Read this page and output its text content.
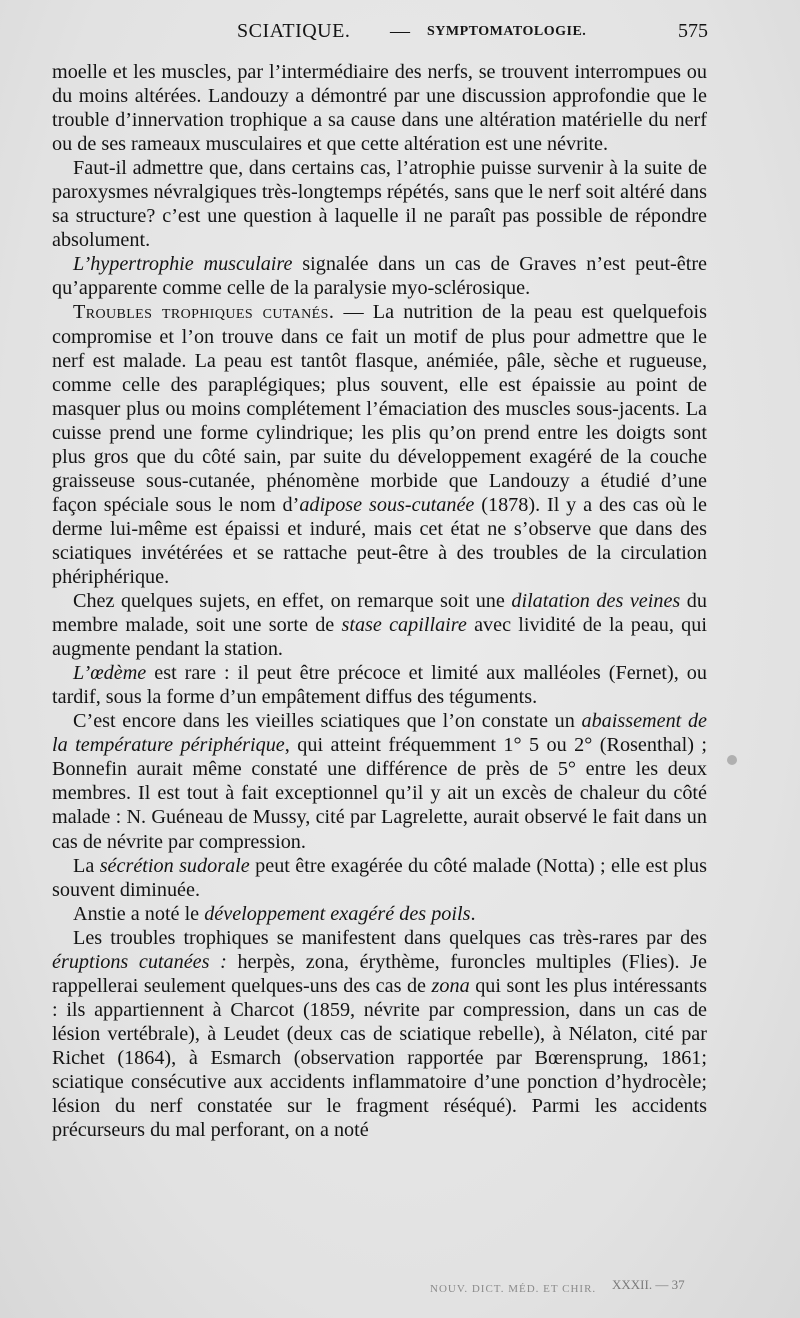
SCIATIQUE. — SYMPTOMATOLOGIE.	575

moelle et les muscles, par l’intermédiaire des nerfs, se trouvent interrompues ou du moins altérées. Landouzy a démontré par une discussion approfondie que le trouble d’innervation trophique a sa cause dans une altération matérielle du nerf ou de ses rameaux musculaires et que cette altération est une névrite.

Faut-il admettre que, dans certains cas, l’atrophie puisse survenir à la suite de paroxysmes névralgiques très-longtemps répétés, sans que le nerf soit altéré dans sa structure? c’est une question à laquelle il ne paraît pas possible de répondre absolument.

L’hypertrophie musculaire signalée dans un cas de Graves n’est peut-être qu’apparente comme celle de la paralysie myo-sclérosique.

Troubles trophiques cutanés. — La nutrition de la peau est quelquefois compromise et l’on trouve dans ce fait un motif de plus pour admettre que le nerf est malade. La peau est tantôt flasque, anémiée, pâle, sèche et rugueuse, comme celle des paraplégiques; plus souvent, elle est épaissie au point de masquer plus ou moins complétement l’émaciation des muscles sous-jacents. La cuisse prend une forme cylindrique; les plis qu’on prend entre les doigts sont plus gros que du côté sain, par suite du développement exagéré de la couche graisseuse sous-cutanée, phénomène morbide que Landouzy a étudié d’une façon spéciale sous le nom d’adipose sous-cutanée (1878). Il y a des cas où le derme lui-même est épaissi et induré, mais cet état ne s’observe que dans des sciatiques invétérées et se rattache peut-être à des troubles de la circulation phériphérique.

Chez quelques sujets, en effet, on remarque soit une dilatation des veines du membre malade, soit une sorte de stase capillaire avec lividité de la peau, qui augmente pendant la station.

L’œdème est rare : il peut être précoce et limité aux malléoles (Fernet), ou tardif, sous la forme d’un empâtement diffus des téguments.

C’est encore dans les vieilles sciatiques que l’on constate un abaissement de la température périphérique, qui atteint fréquemment 1° 5 ou 2° (Rosenthal) ; Bonnefin aurait même constaté une différence de près de 5° entre les deux membres. Il est tout à fait exceptionnel qu’il y ait un excès de chaleur du côté malade : N. Guéneau de Mussy, cité par Lagrelette, aurait observé le fait dans un cas de névrite par compression.

La sécrétion sudorale peut être exagérée du côté malade (Notta) ; elle est plus souvent diminuée.

Anstie a noté le développement exagéré des poils.

Les troubles trophiques se manifestent dans quelques cas très-rares par des éruptions cutanées : herpès, zona, érythème, furoncles multiples (Flies). Je rappellerai seulement quelques-uns des cas de zona qui sont les plus intéressants : ils appartiennent à Charcot (1859, névrite par compression, dans un cas de lésion vertébrale), à Leudet (deux cas de sciatique rebelle), à Nélaton, cité par Richet (1864), à Esmarch (observation rapportée par Bœrensprung, 1861; sciatique consécutive aux accidents inflammatoire d’une ponction d’hydrocèle; lésion du nerf constatée sur le fragment réséqué). Parmi les accidents précurseurs du mal perforant, on a noté

NOUV. DICT. MÉD. ET CHIR. XXXII. — 37
